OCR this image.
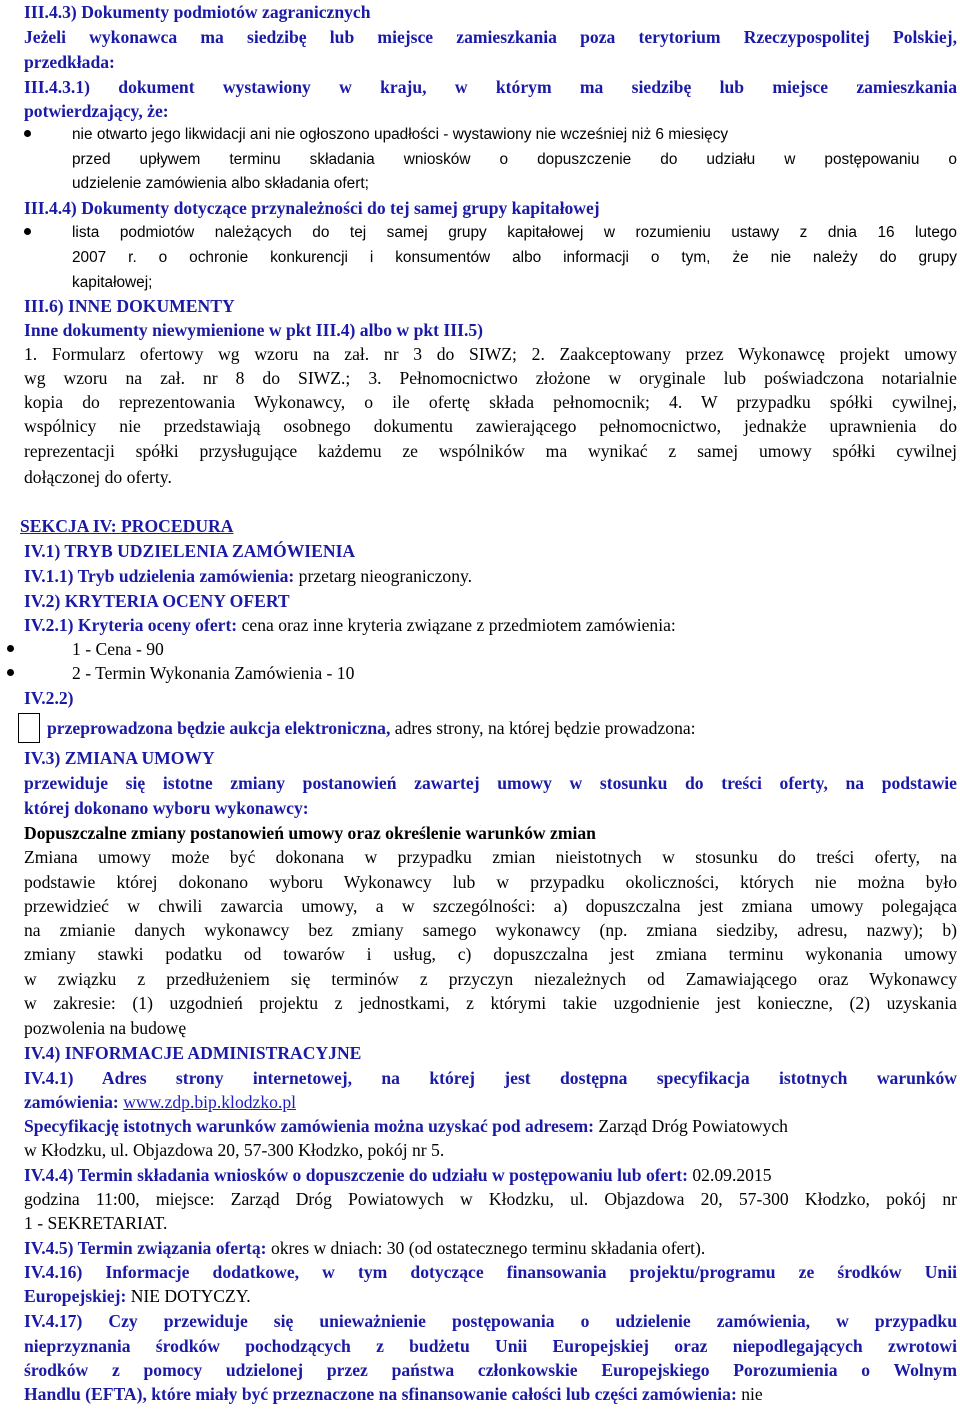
III.4.3) Dokumenty podmiotów zagranicznych
Jeżeli wykonawca ma siedzibę lub miejsce zamieszkania poza terytorium Rzeczypospolitej Polskiej,
przedkłada:
III.4.3.1) dokument wystawiony w kraju, w którym ma siedzibę lub miejsce zamieszkania
potwierdzający, że:
nie otwarto jego likwidacji ani nie ogłoszono upadłości - wystawiony nie wcześniej niż 6 miesięcy
przed upływem terminu składania wniosków o dopuszczenie do udziału w postępowaniu o
udzielenie zamówienia albo składania ofert;
III.4.4) Dokumenty dotyczące przynależności do tej samej grupy kapitałowej
lista podmiotów należących do tej samej grupy kapitałowej w rozumieniu ustawy z dnia 16 lutego
2007 r. o ochronie konkurencji i konsumentów albo informacji o tym, że nie należy do grupy
kapitałowej;
III.6) INNE DOKUMENTY
Inne dokumenty niewymienione w pkt III.4) albo w pkt III.5)
1. Formularz ofertowy wg wzoru na zał. nr 3 do SIWZ; 2. Zaakceptowany przez Wykonawcę projekt umowy
wg wzoru na zał. nr 8 do SIWZ.; 3. Pełnomocnictwo złożone w oryginale lub poświadczona notarialnie
kopia do reprezentowania Wykonawcy, o ile ofertę składa pełnomocnik; 4. W przypadku spółki cywilnej,
wspólnicy nie przedstawiają osobnego dokumentu zawierającego pełnomocnictwo, jednakże uprawnienia do
reprezentacji spółki przysługujące każdemu ze wspólników ma wynikać z samej umowy spółki cywilnej
dołączonej do oferty.
SEKCJA IV: PROCEDURA
IV.1) TRYB UDZIELENIA ZAMÓWIENIA
IV.1.1) Tryb udzielenia zamówienia: przetarg nieograniczony.
IV.2) KRYTERIA OCENY OFERT
IV.2.1) Kryteria oceny ofert: cena oraz inne kryteria związane z przedmiotem zamówienia:
1 - Cena - 90
2 - Termin Wykonania Zamówienia - 10
IV.2.2)
przeprowadzona będzie aukcja elektroniczna, adres strony, na której będzie prowadzona:
IV.3) ZMIANA UMOWY
przewiduje się istotne zmiany postanowień zawartej umowy w stosunku do treści oferty, na podstawie
której dokonano wyboru wykonawcy:
Dopuszczalne zmiany postanowień umowy oraz określenie warunków zmian
Zmiana umowy może być dokonana w przypadku zmian nieistotnych w stosunku do treści oferty, na
podstawie której dokonano wyboru Wykonawcy lub w przypadku okoliczności, których nie można było
przewidzieć w chwili zawarcia umowy, a w szczególności: a) dopuszczalna jest zmiana umowy polegająca
na zmianie danych wykonawcy bez zmiany samego wykonawcy (np. zmiana siedziby, adresu, nazwy); b)
zmiany stawki podatku od towarów i usług, c) dopuszczalna jest zmiana terminu wykonania umowy
w związku z przedłużeniem się terminów z przyczyn niezależnych od Zamawiającego oraz Wykonawcy
w zakresie: (1) uzgodnień projektu z jednostkami, z którymi takie uzgodnienie jest konieczne, (2) uzyskania
pozwolenia na budowę
IV.4) INFORMACJE ADMINISTRACYJNE
IV.4.1) Adres strony internetowej, na której jest dostępna specyfikacja istotnych warunków
zamówienia: www.zdp.bip.klodzko.pl
Specyfikację istotnych warunków zamówienia można uzyskać pod adresem: Zarząd Dróg Powiatowych
w Kłodzku, ul. Objazdowa 20, 57-300 Kłodzko, pokój nr 5.
IV.4.4) Termin składania wniosków o dopuszczenie do udziału w postępowaniu lub ofert: 02.09.2015
godzina 11:00, miejsce: Zarząd Dróg Powiatowych w Kłodzku, ul. Objazdowa 20, 57-300 Kłodzko, pokój nr
1 - SEKRETARIAT.
IV.4.5) Termin związania ofertą: okres w dniach: 30 (od ostatecznego terminu składania ofert).
IV.4.16) Informacje dodatkowe, w tym dotyczące finansowania projektu/programu ze środków Unii
Europejskiej: NIE DOTYCZY.
IV.4.17) Czy przewiduje się unieważnienie postępowania o udzielenie zamówienia, w przypadku
nieprzyznania środków pochodzących z budżetu Unii Europejskiej oraz niepodlegających zwrotowi
środków z pomocy udzielonej przez państwa członkowskie Europejskiego Porozumienia o Wolnym
Handlu (EFTA), które miały być przeznaczone na sfinansowanie całości lub części zamówienia: nie
